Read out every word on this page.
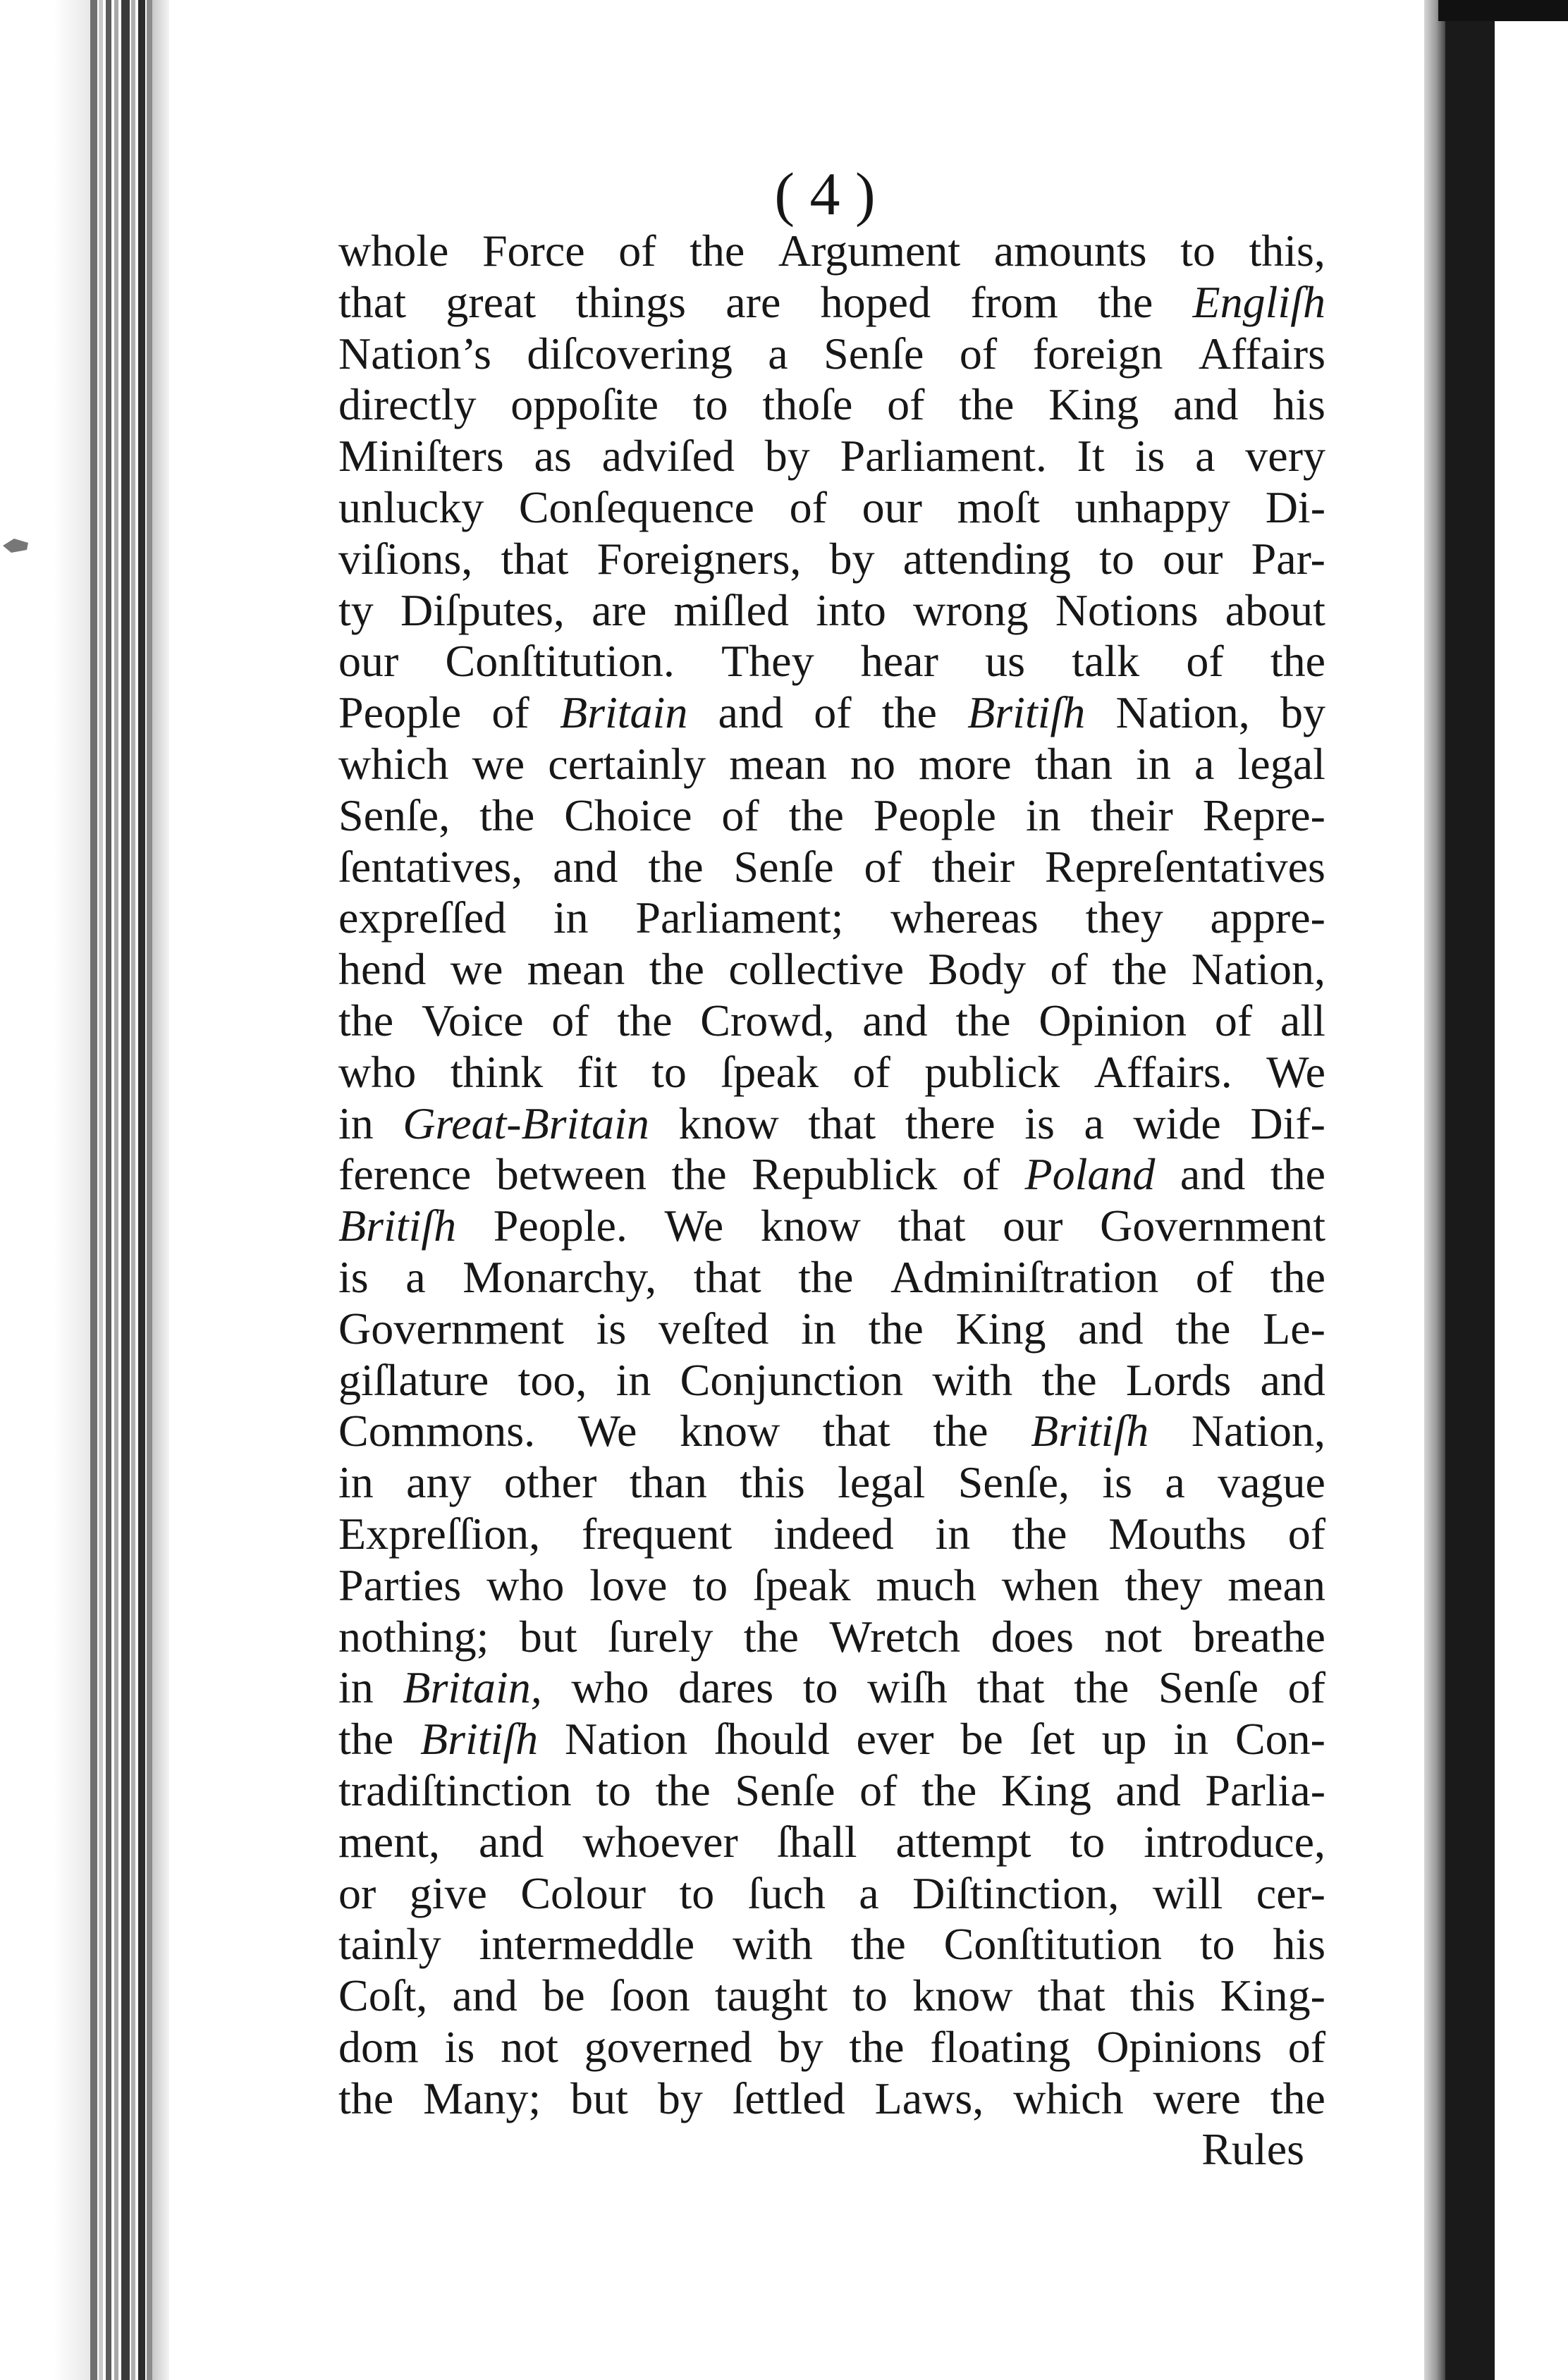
( 4 )
whole Force of the Argument amounts to this,
that great things are hoped from the Engliſh
Nation’s diſcovering a Senſe of foreign Affairs
directly oppoſite to thoſe of the King and his
Miniſters as adviſed by Parliament. It is a very
unlucky Conſequence of our moſt unhappy Di-
viſions, that Foreigners, by attending to our Par-
ty Diſputes, are miſled into wrong Notions about
our Conſtitution. They hear us talk of the
People of Britain and of the Britiſh Nation, by
which we certainly mean no more than in a legal
Senſe, the Choice of the People in their Repre-
ſentatives, and the Senſe of their Repreſentatives
expreſſed in Parliament; whereas they appre-
hend we mean the collective Body of the Nation,
the Voice of the Crowd, and the Opinion of all
who think fit to ſpeak of publick Affairs. We
in Great-Britain know that there is a wide Dif-
ference between the Republick of Poland and the
Britiſh People. We know that our Government
is a Monarchy, that the Adminiſtration of the
Government is veſted in the King and the Le-
giſlature too, in Conjunction with the Lords and
Commons. We know that the Britiſh Nation,
in any other than this legal Senſe, is a vague
Expreſſion, frequent indeed in the Mouths of
Parties who love to ſpeak much when they mean
nothing; but ſurely the Wretch does not breathe
in Britain, who dares to wiſh that the Senſe of
the Britiſh Nation ſhould ever be ſet up in Con-
tradiſtinction to the Senſe of the King and Parlia-
ment, and whoever ſhall attempt to introduce,
or give Colour to ſuch a Diſtinction, will cer-
tainly intermeddle with the Conſtitution to his
Coſt, and be ſoon taught to know that this King-
dom is not governed by the floating Opinions of
the Many; but by ſettled Laws, which were the
Rules
